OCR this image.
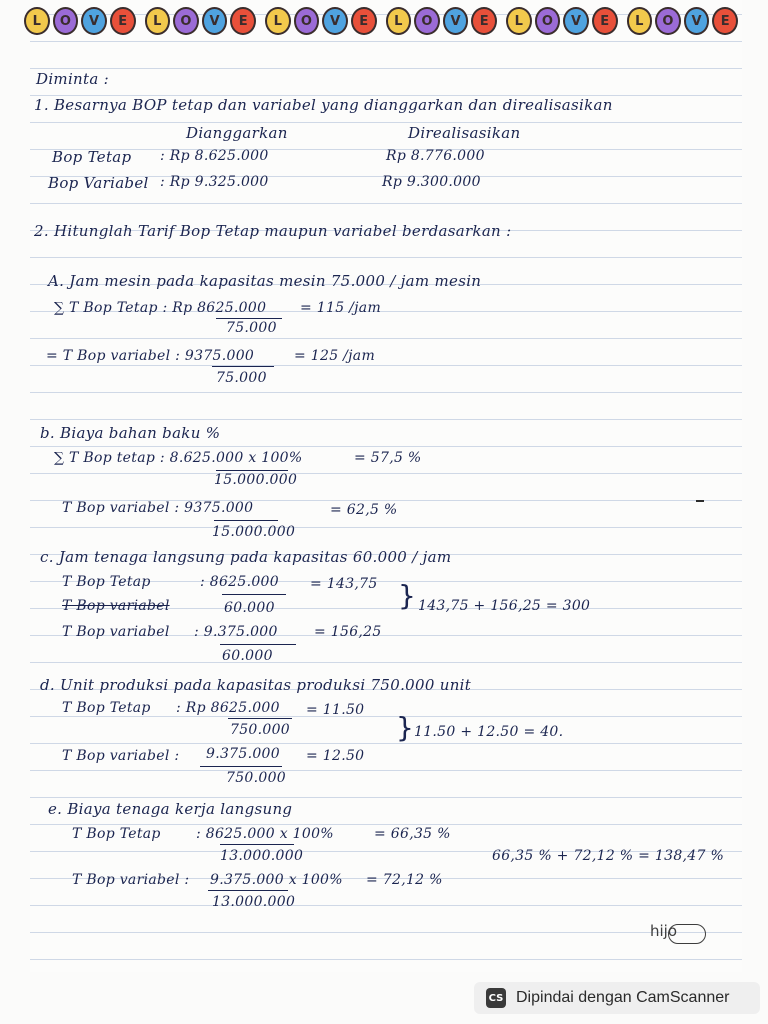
L	O	V	E	L	O	V	E	L	O	V	E	L	O	V	E	L	O	V	E	L	O	V	E

Diminta :

1. Besarnya BOP tetap dan variabel yang dianggarkan dan direalisasikan

Dianggarkan	Direalisasikan

Bop Tetap : Rp 8.625.000	Rp 8.776.000

Bop Variabel : Rp 9.325.000	Rp 9.300.000

2. Hitunglah Tarif Bop Tetap maupun variabel berdasarkan :

A. Jam mesin pada kapasitas mesin 75.000 / jam mesin

∑ T Bop Tetap : Rp 8625.000 = 115 /jam

75.000

= T Bop variabel : 9375.000	= 125 /jam

75.000

b. Biaya bahan baku %

∑ T Bop tetap : 8.625.000 x 100%	= 57,5 %

15.000.000

T Bop variabel : 9375.000	= 62,5 %

15.000.000

c. Jam tenaga langsung pada kapasitas 60.000 / jam

T Bop Tetap	: 8625.000 = 143,75

T Bop variabel	60.000	} 143,75 + 156,25 = 300

T Bop variabel : 9.375.000	= 156,25

60.000

d. Unit produksi pada kapasitas produksi 750.000 unit

T Bop Tetap : Rp 8625.000 = 11.50

750.000	} 11.50 + 12.50 = 40.

T Bop variabel : 9.375.000 = 12.50

750.000

e. Biaya tenaga kerja langsung

T Bop Tetap	: 8625.000 x 100%	= 66,35 %

13.000.000	66,35 % + 72,12 % = 138,47 %

T Bop variabel : 9.375.000 x 100% = 72,12 %

13.000.000

hijo
CS Dipindai dengan CamScanner
